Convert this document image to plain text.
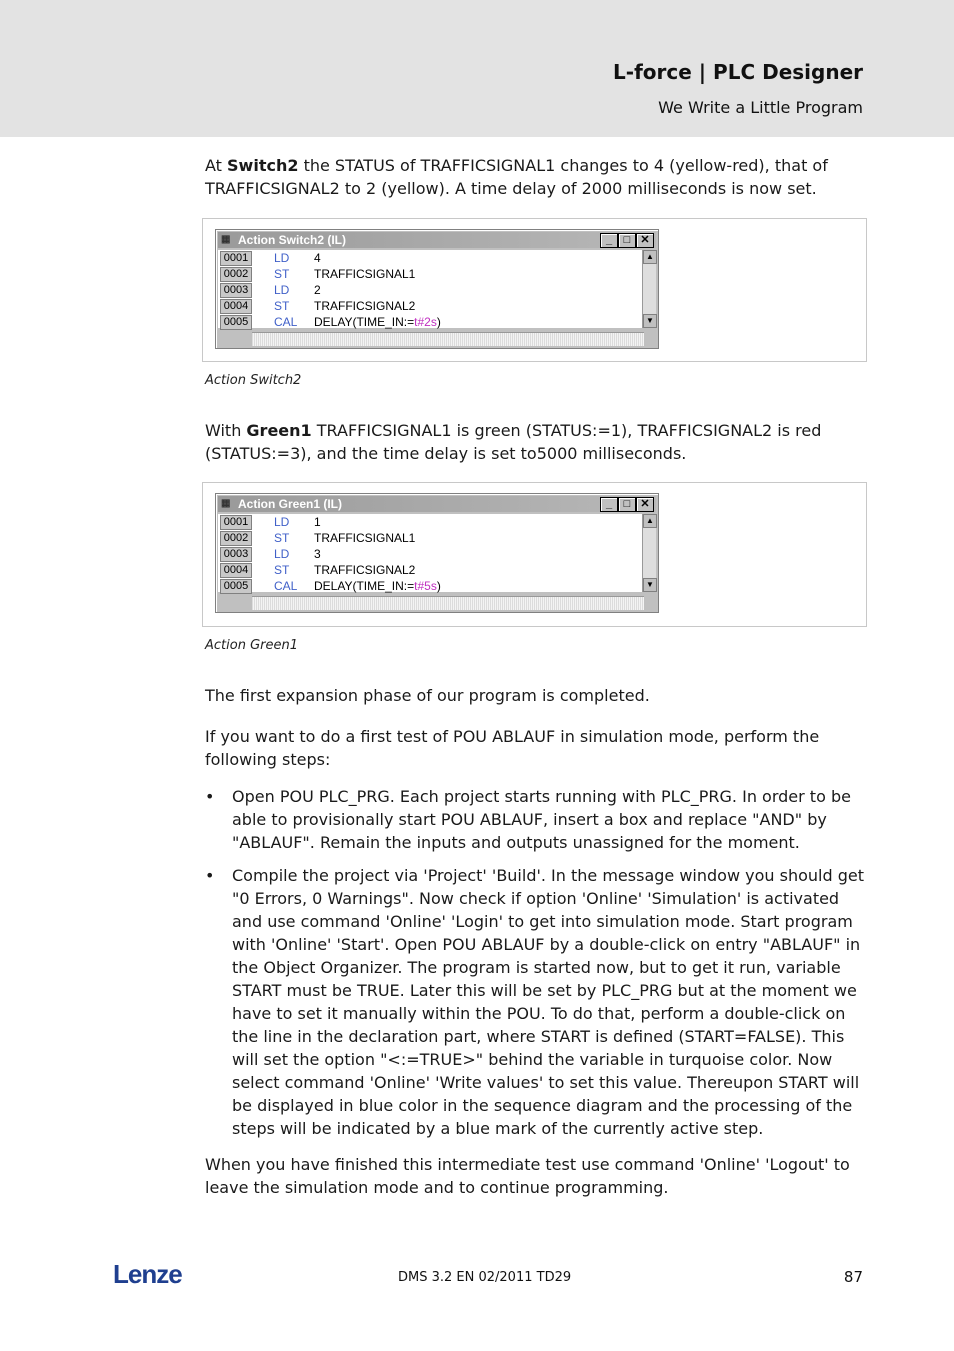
L-force | PLC Designer
We Write a Little Program

At Switch2 the STATUS of TRAFFICSIGNAL1 changes to 4 (yellow-red), that of TRAFFICSIGNAL2 to 2 (yellow). A time delay of 2000 milliseconds is now set.

▦ Action Switch2 (IL)	_	□ ✕
0001	LD 4
0002	ST TRAFFICSIGNAL1
0003	LD 2
0004	ST TRAFFICSIGNAL2
0005	CAL DELAY(TIME_IN:=t#2s)
▲
▼
Action Switch2

With Green1 TRAFFICSIGNAL1 is green (STATUS:=1), TRAFFICSIGNAL2 is red (STATUS:=3), and the time delay is set to5000 milliseconds.

▦ Action Green1 (IL)	_	□ ✕
0001	LD 1
0002	ST TRAFFICSIGNAL1
0003	LD 3
0004	ST TRAFFICSIGNAL2
0005	CAL DELAY(TIME_IN:=t#5s)
▲
▼
Action Green1

The first expansion phase of our program is completed.

If you want to do a first test of POU ABLAUF in simulation mode, perform the following steps:

• Open POU PLC_PRG. Each project starts running with PLC_PRG. In order to be able to provisionally start POU ABLAUF, insert a box and replace "AND" by "ABLAUF". Remain the inputs and outputs unassigned for the moment.

• Compile the project via 'Project' 'Build'. In the message window you should get "0 Errors, 0 Warnings". Now check if option 'Online' 'Simulation' is activated and use command 'Online' 'Login' to get into simulation mode. Start program with 'Online' 'Start'. Open POU ABLAUF by a double-click on entry "ABLAUF" in the Object Organizer. The program is started now, but to get it run, variable START must be TRUE. Later this will be set by PLC_PRG but at the moment we have to set it manually within the POU. To do that, perform a double-click on the line in the declaration part, where START is defined (START=FALSE). This will set the option "<:=TRUE>" behind the variable in turquoise color. Now select command 'Online' 'Write values' to set this value. Thereupon START will be displayed in blue color in the sequence diagram and the processing of the steps will be indicated by a blue mark of the currently active step.

When you have finished this intermediate test use command 'Online' 'Logout' to leave the simulation mode and to continue programming.

Lenze	DMS 3.2 EN 02/2011 TD29	87
